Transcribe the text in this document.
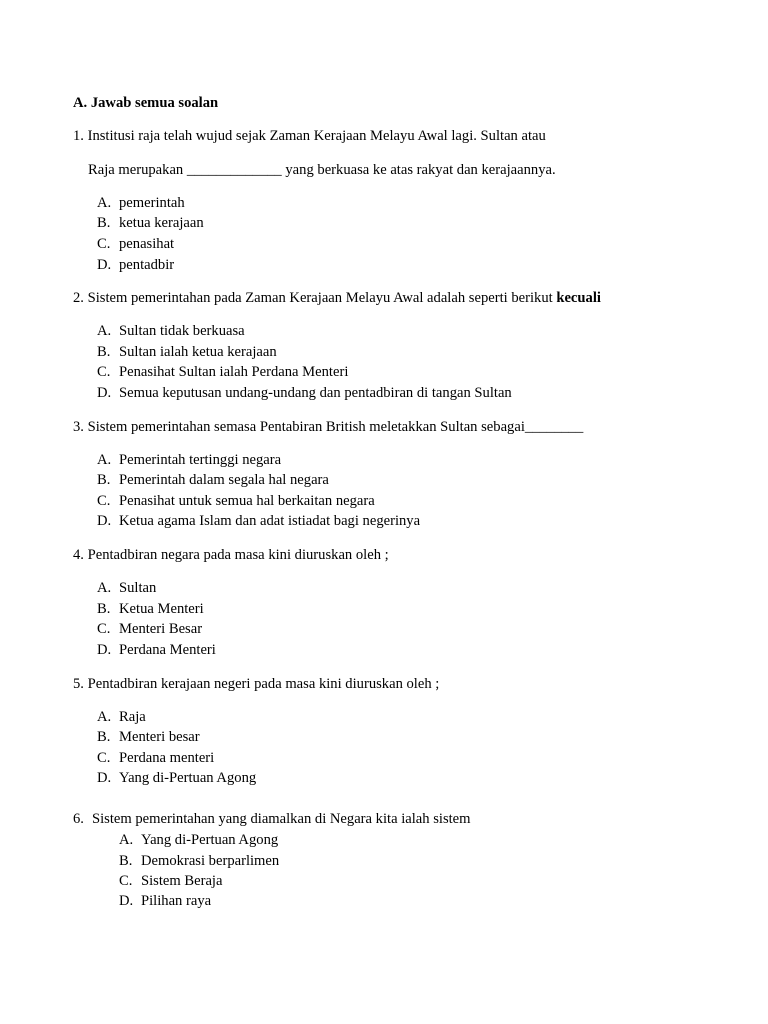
A. Jawab semua soalan
1. Institusi raja telah wujud sejak Zaman Kerajaan Melayu Awal lagi. Sultan atau
Raja merupakan _____________ yang berkuasa ke atas rakyat dan kerajaannya.
A. pemerintah
B. ketua kerajaan
C. penasihat
D. pentadbir
2. Sistem pemerintahan pada Zaman Kerajaan Melayu Awal adalah seperti berikut kecuali
A. Sultan tidak berkuasa
B. Sultan ialah ketua kerajaan
C. Penasihat Sultan ialah Perdana Menteri
D. Semua keputusan undang-undang dan pentadbiran di tangan Sultan
3. Sistem pemerintahan semasa Pentabiran British meletakkan Sultan sebagai________
A. Pemerintah tertinggi negara
B. Pemerintah dalam segala hal negara
C. Penasihat untuk semua hal berkaitan negara
D. Ketua agama Islam dan adat istiadat bagi negerinya
4. Pentadbiran negara pada masa kini diuruskan oleh ;
A. Sultan
B. Ketua Menteri
C. Menteri Besar
D. Perdana Menteri
5. Pentadbiran kerajaan negeri pada masa kini diuruskan oleh ;
A. Raja
B. Menteri besar
C. Perdana menteri
D. Yang di-Pertuan Agong
6. Sistem pemerintahan yang diamalkan di Negara kita ialah sistem
A. Yang di-Pertuan Agong
B. Demokrasi berparlimen
C. Sistem Beraja
D. Pilihan raya
